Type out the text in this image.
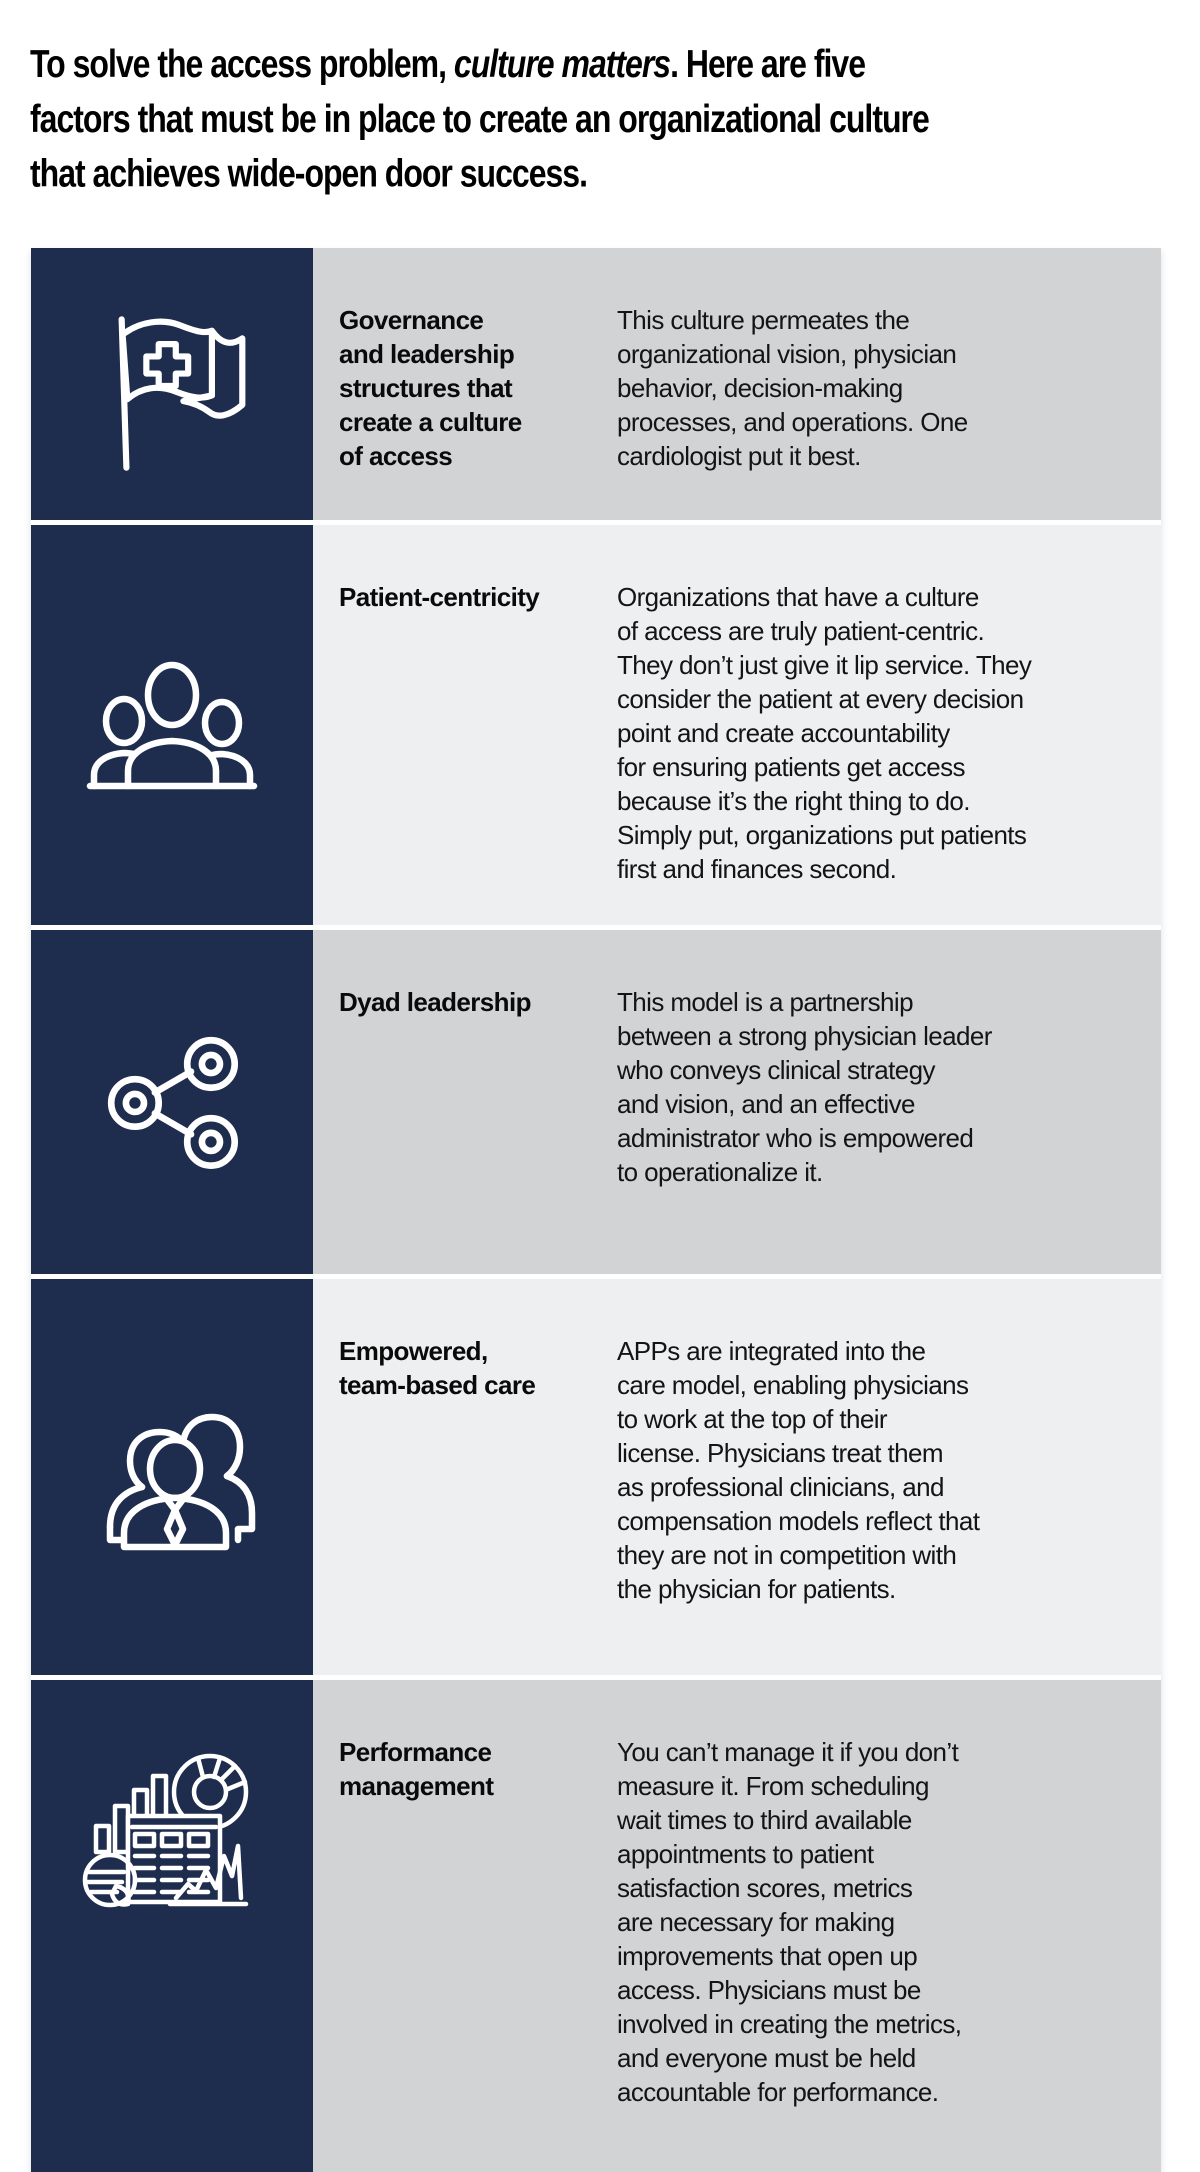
To solve the access problem, culture matters. Here are five

factors that must be in place to create an organizational culture

that achieves wide-open door success.

Governance
and leadership
structures that
create a culture
of access

This culture permeates the
organizational vision, physician
behavior, decision-making
processes, and operations. One
cardiologist put it best.

Patient-centricity	Organizations that have a culture
of access are truly patient-centric.
They don’t just give it lip service. They
consider the patient at every decision
point and create accountability
for ensuring patients get access
because it’s the right thing to do.
Simply put, organizations put patients
first and finances second.

Dyad leadership	This model is a partnership
between a strong physician leader
who conveys clinical strategy
and vision, and an effective
administrator who is empowered
to operationalize it.

Empowered,
team-based care

APPs are integrated into the
care model, enabling physicians
to work at the top of their
license. Physicians treat them
as professional clinicians, and
compensation models reflect that
they are not in competition with
the physician for patients.

Performance
management

You can’t manage it if you don’t
measure it. From scheduling
wait times to third available
appointments to patient
satisfaction scores, metrics
are necessary for making
improvements that open up
access. Physicians must be
involved in creating the metrics,
and everyone must be held
accountable for performance.
